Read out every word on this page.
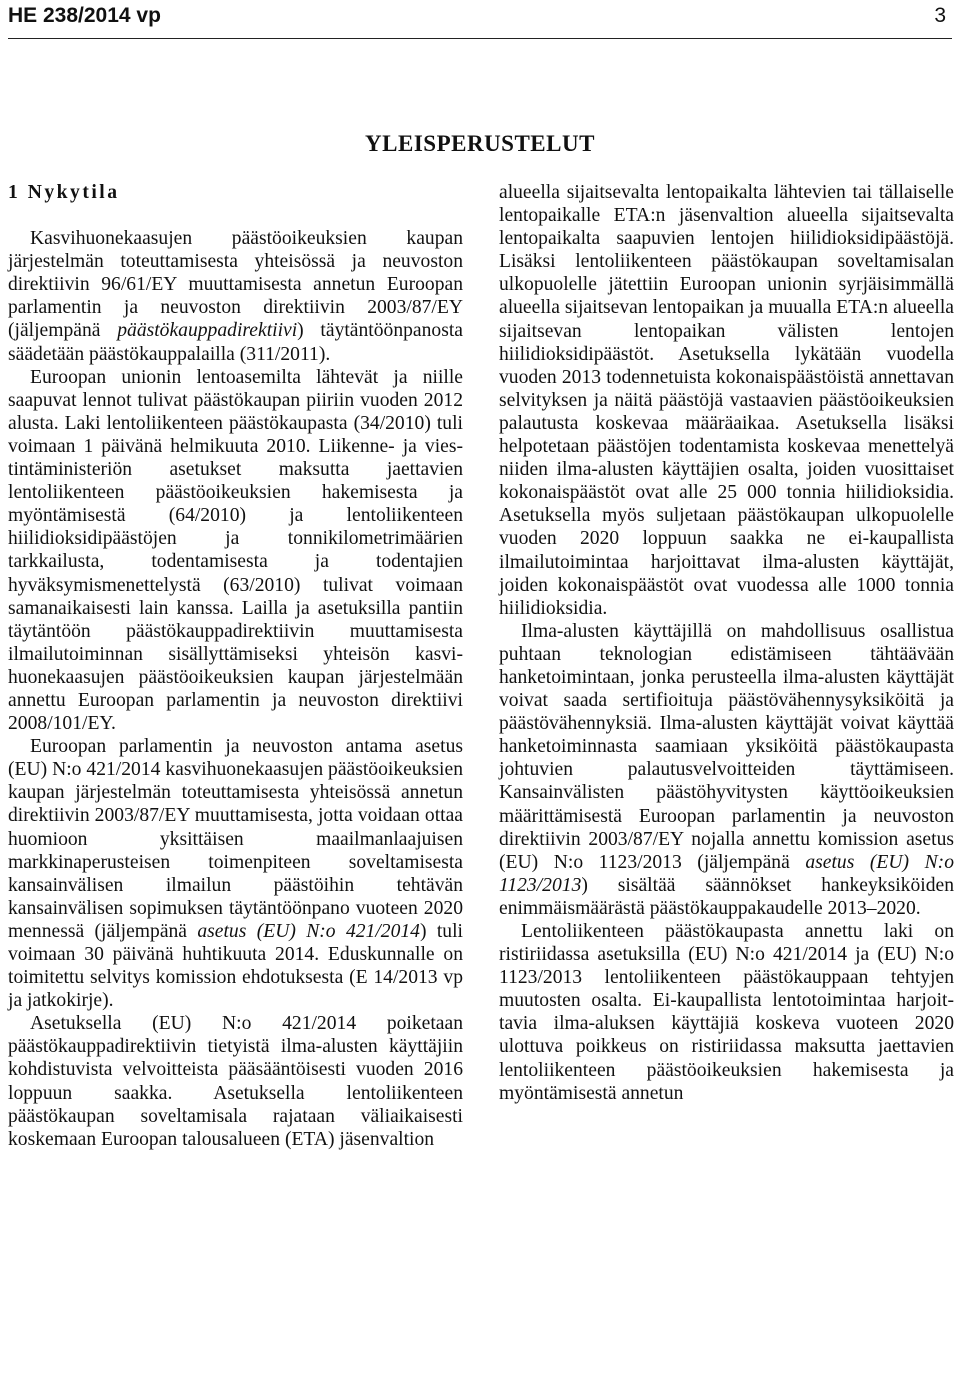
HE 238/2014 vp	3
YLEISPERUSTELUT

1 Nykytila

Kasvihuonekaasujen päästöoikeuksien kaupan järjestelmän toteuttamisesta yhteisössä ja neuvoston direktiivin 96/61/EY muuttamisesta annetun Euroopan parlamentin ja neuvoston direktiivin 2003/87/EY (jäljempänä päästökauppadirektiivi) täytäntöönpanosta säädetään päästökauppalailla (311/2011).

Euroopan unionin lentoasemilta lähtevät ja niille saapuvat lennot tulivat päästökaupan piiriin vuoden 2012 alusta. Laki lentoliikenteen päästökaupasta (34/2010) tuli voimaan 1 päivänä helmikuuta 2010. Liikenne- ja viestintäministeriön asetukset maksutta jaettavien lentoliikenteen päästöoikeuksien hakemisesta ja myöntämisestä (64/2010) ja lentoliikenteen hiilidioksidipäästöjen ja tonnikilometrimäärien tarkkailusta, todentamisesta ja todentajien hyväksymismenettelystä (63/2010) tulivat voimaan samanaikaisesti lain kanssa. Lailla ja asetuksilla pantiin täytäntöön päästökauppadirektiivin muuttamisesta ilmailutoiminnan sisällyttämiseksi yhteisön kasvihuonekaasujen päästöoikeuksien kaupan järjestelmään annettu Euroopan parlamentin ja neuvoston direktiivi 2008/101/EY.

Euroopan parlamentin ja neuvoston antama asetus (EU) N:o 421/2014 kasvihuonekaasujen päästöoikeuksien kaupan järjestelmän toteuttamisesta yhteisössä annetun direktiivin 2003/87/EY muuttamisesta, jotta voidaan ottaa huomioon yksittäisen maailmanlaajuisen markkinaperusteisen toimenpiteen soveltamisesta kansainvälisen ilmailun päästöihin tehtävän kansainvälisen sopimuksen täytäntöönpano vuoteen 2020 mennessä (jäljempänä asetus (EU) N:o 421/2014) tuli voimaan 30 päivänä huhtikuuta 2014. Eduskunnalle on toimitettu selvitys komission ehdotuksesta (E 14/2013 vp ja jatkokirje).

Asetuksella (EU) N:o 421/2014 poiketaan päästökauppadirektiivin tietyistä ilma-alusten käyttäjiin kohdistuvista velvoitteista pääsääntöisesti vuoden 2016 loppuun saakka. Asetuksella lentoliikenteen päästökaupan soveltamisala rajataan väliaikaisesti koskemaan Euroopan talousalueen (ETA) jäsenvaltion

alueella sijaitsevalta lentopaikalta lähtevien tai tällaiselle lentopaikalle ETA:n jäsenvaltion alueella sijaitsevalta lentopaikalta saapuvien lentojen hiilidioksidipäästöjä. Lisäksi lentoliikenteen päästökaupan soveltamisalan ulkopuolelle jätettiin Euroopan unionin syrjäisimmällä alueella sijaitsevan lentopaikan ja muualla ETA:n alueella sijaitsevan lentopaikan välisten lentojen hiilidioksidipäästöt. Asetuksella lykätään vuodella vuoden 2013 todennetuista kokonaispäästöistä annettavan selvityksen ja näitä päästöjä vastaavien päästöoikeuksien palautusta koskevaa määräaikaa. Asetuksella lisäksi helpotetaan päästöjen todentamista koskevaa menettelyä niiden ilma-alusten käyttäjien osalta, joiden vuosittaiset kokonaispäästöt ovat alle 25 000 tonnia hiilidioksidia. Asetuksella myös suljetaan päästökaupan ulkopuolelle vuoden 2020 loppuun saakka ne ei-kaupallista ilmailutoimintaa harjoittavat ilma-alusten käyttäjät, joiden kokonaispäästöt ovat vuodessa alle 1000 tonnia hiilidioksidia.

Ilma-alusten käyttäjillä on mahdollisuus osallistua puhtaan teknologian edistämiseen tähtäävään hanketoimintaan, jonka perusteella ilma-alusten käyttäjät voivat saada sertifioituja päästövähennysyksiköitä ja päästövähennyksiä. Ilma-alusten käyttäjät voivat käyttää hanketoiminnasta saamiaan yksiköitä päästökaupasta johtuvien palautusvelvoitteiden täyttämiseen. Kansainvälisten päästöhyvitysten käyttöoikeuksien määrittämisestä Euroopan parlamentin ja neuvoston direktiivin 2003/87/EY nojalla annettu komission asetus (EU) N:o 1123/2013 (jäljempänä asetus (EU) N:o 1123/2013) sisältää säännökset hankeyksiköiden enimmäismäärästä päästökauppakaudelle 2013–2020.

Lentoliikenteen päästökaupasta annettu laki on ristiriidassa asetuksilla (EU) N:o 421/2014 ja (EU) N:o 1123/2013 lentoliikenteen päästökauppaan tehtyjen muutosten osalta. Ei-kaupallista lentotoimintaa harjoittavia ilma-aluksen käyttäjiä koskeva vuoteen 2020 ulottuva poikkeus on ristiriidassa maksutta jaettavien lentoliikenteen päästöoikeuksien hakemisesta ja myöntämisestä annetun
